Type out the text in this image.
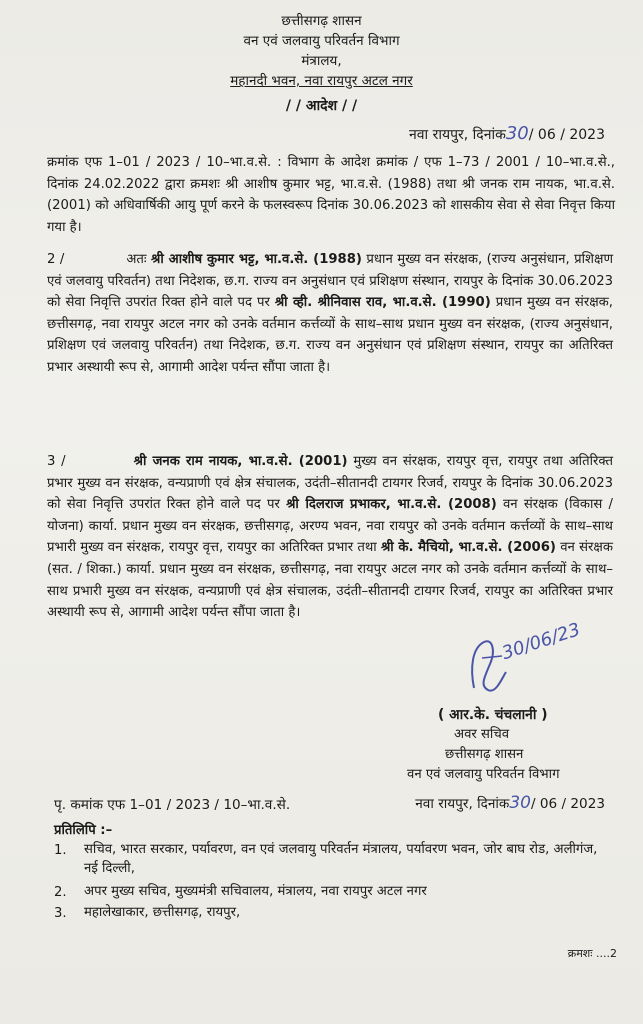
छत्तीसगढ़ शासन
वन एवं जलवायु परिवर्तन विभाग
मंत्रालय,
महानदी भवन, नवा रायपुर अटल नगर
/ / आदेश / /
नवा रायपुर, दिनांक30/ 06 / 2023
क्रमांक एफ 1–01 / 2023 / 10–भा.व.से. : विभाग के आदेश क्रमांक / एफ 1–73 / 2001 / 10–भा.व.से., दिनांक 24.02.2022 द्वारा क्रमशः श्री आशीष कुमार भट्ट, भा.व.से. (1988) तथा श्री जनक राम नायक, भा.व.से. (2001) को अधिवार्षिकी आयु पूर्ण करने के फलस्वरूप दिनांक 30.06.2023 को शासकीय सेवा से सेवा निवृत्त किया गया है।
2 /	अतः श्री आशीष कुमार भट्ट, भा.व.से. (1988) प्रधान मुख्य वन संरक्षक, (राज्य अनुसंधान, प्रशिक्षण एवं जलवायु परिवर्तन) तथा निदेशक, छ.ग. राज्य वन अनुसंधान एवं प्रशिक्षण संस्थान, रायपुर के दिनांक 30.06.2023 को सेवा निवृत्ति उपरांत रिक्त होने वाले पद पर श्री व्ही. श्रीनिवास राव, भा.व.से. (1990) प्रधान मुख्य वन संरक्षक, छत्तीसगढ़, नवा रायपुर अटल नगर को उनके वर्तमान कर्त्तव्यों के साथ–साथ प्रधान मुख्य वन संरक्षक, (राज्य अनुसंधान, प्रशिक्षण एवं जलवायु परिवर्तन) तथा निदेशक, छ.ग. राज्य वन अनुसंधान एवं प्रशिक्षण संस्थान, रायपुर का अतिरिक्त प्रभार अस्थायी रूप से, आगामी आदेश पर्यन्त सौंपा जाता है।
3 /	श्री जनक राम नायक, भा.व.से. (2001) मुख्य वन संरक्षक, रायपुर वृत्त, रायपुर तथा अतिरिक्त प्रभार मुख्य वन संरक्षक, वन्यप्राणी एवं क्षेत्र संचालक, उदंती–सीतानदी टायगर रिजर्व, रायपुर के दिनांक 30.06.2023 को सेवा निवृत्ति उपरांत रिक्त होने वाले पद पर श्री दिलराज प्रभाकर, भा.व.से. (2008) वन संरक्षक (विकास / योजना) कार्या. प्रधान मुख्य वन संरक्षक, छत्तीसगढ़, अरण्य भवन, नवा रायपुर को उनके वर्तमान कर्त्तव्यों के साथ–साथ प्रभारी मुख्य वन संरक्षक, रायपुर वृत्त, रायपुर का अतिरिक्त प्रभार तथा श्री के. मैचियो, भा.व.से. (2006) वन संरक्षक (सत. / शिका.) कार्या. प्रधान मुख्य वन संरक्षक, छत्तीसगढ़, नवा रायपुर अटल नगर को उनके वर्तमान कर्त्तव्यों के साथ–साथ प्रभारी मुख्य वन संरक्षक, वन्यप्राणी एवं क्षेत्र संचालक, उदंती–सीतानदी टायगर रिजर्व, रायपुर का अतिरिक्त प्रभार अस्थायी रूप से, आगामी आदेश पर्यन्त सौंपा जाता है।
30/06/23
( आर.के. चंचलानी )
अवर सचिव
छत्तीसगढ़ शासन
वन एवं जलवायु परिवर्तन विभाग
पृ. कमांक एफ 1–01 / 2023 / 10–भा.व.से.	नवा रायपुर, दिनांक30/ 06 / 2023
प्रतिलिपि :–
1. सचिव, भारत सरकार, पर्यावरण, वन एवं जलवायु परिवर्तन मंत्रालय, पर्यावरण भवन, जोर बाघ रोड, अलीगंज, नई दिल्ली,
2. अपर मुख्य सचिव, मुख्यमंत्री सचिवालय, मंत्रालय, नवा रायपुर अटल नगर
3. महालेखाकार, छत्तीसगढ़, रायपुर,
क्रमशः ....2
